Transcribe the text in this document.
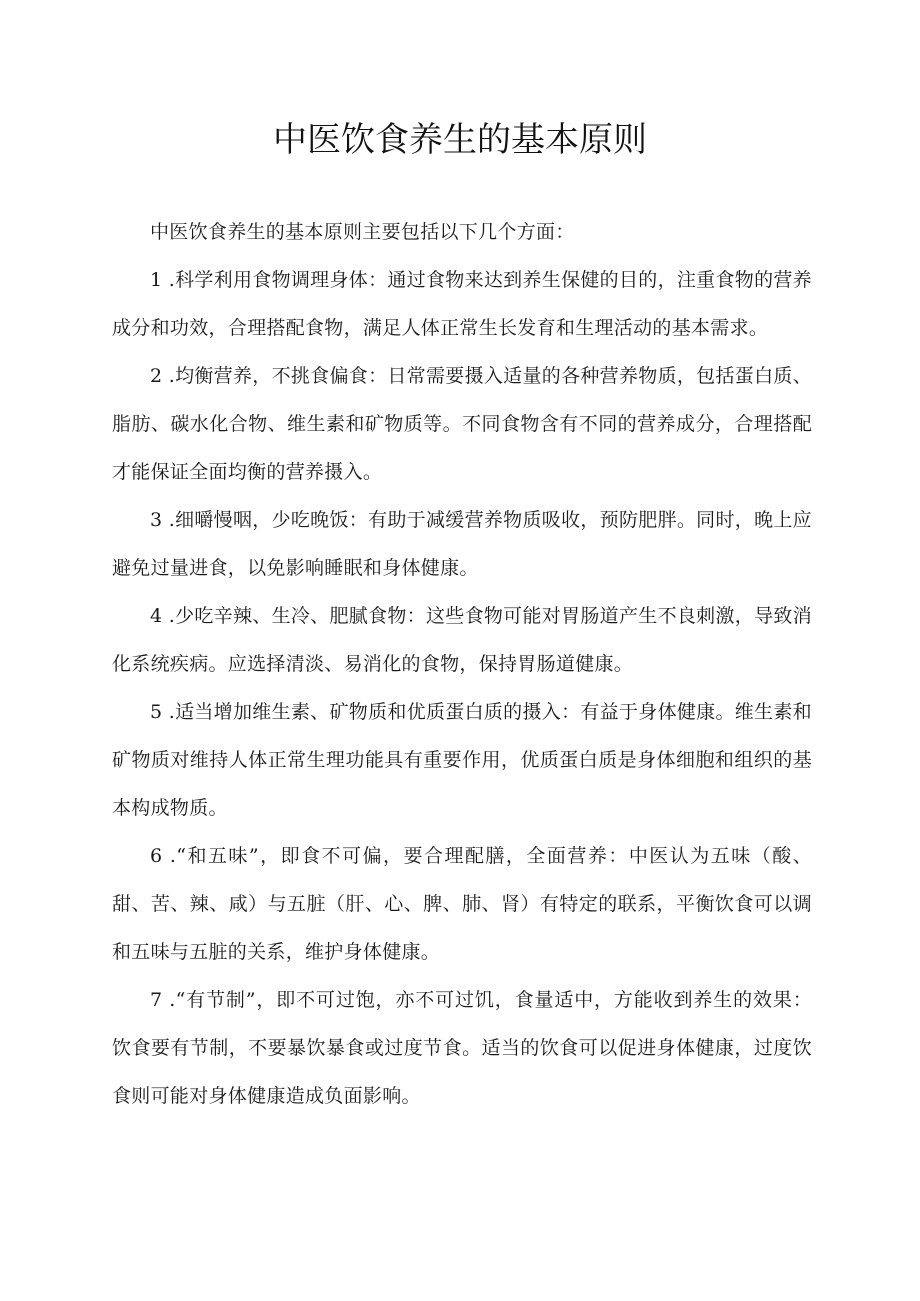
中医饮食养生的基本原则

中医饮食养生的基本原则主要包括以下几个方面：

1 .科学利用食物调理身体：通过食物来达到养生保健的目的，注重食物的营养成分和功效，合理搭配食物，满足人体正常生长发育和生理活动的基本需求。

2 .均衡营养，不挑食偏食：日常需要摄入适量的各种营养物质，包括蛋白质、脂肪、碳水化合物、维生素和矿物质等。不同食物含有不同的营养成分，合理搭配才能保证全面均衡的营养摄入。

3 .细嚼慢咽，少吃晚饭：有助于减缓营养物质吸收，预防肥胖。同时，晚上应避免过量进食，以免影响睡眠和身体健康。

4 .少吃辛辣、生冷、肥腻食物：这些食物可能对胃肠道产生不良刺激，导致消化系统疾病。应选择清淡、易消化的食物，保持胃肠道健康。

5 .适当增加维生素、矿物质和优质蛋白质的摄入：有益于身体健康。维生素和矿物质对维持人体正常生理功能具有重要作用，优质蛋白质是身体细胞和组织的基本构成物质。

6 .“和五味”，即食不可偏，要合理配膳，全面营养：中医认为五味（酸、甜、苦、辣、咸）与五脏（肝、心、脾、肺、肾）有特定的联系，平衡饮食可以调和五味与五脏的关系，维护身体健康。

7 .“有节制”，即不可过饱，亦不可过饥，食量适中，方能收到养生的效果：饮食要有节制，不要暴饮暴食或过度节食。适当的饮食可以促进身体健康，过度饮食则可能对身体健康造成负面影响。
